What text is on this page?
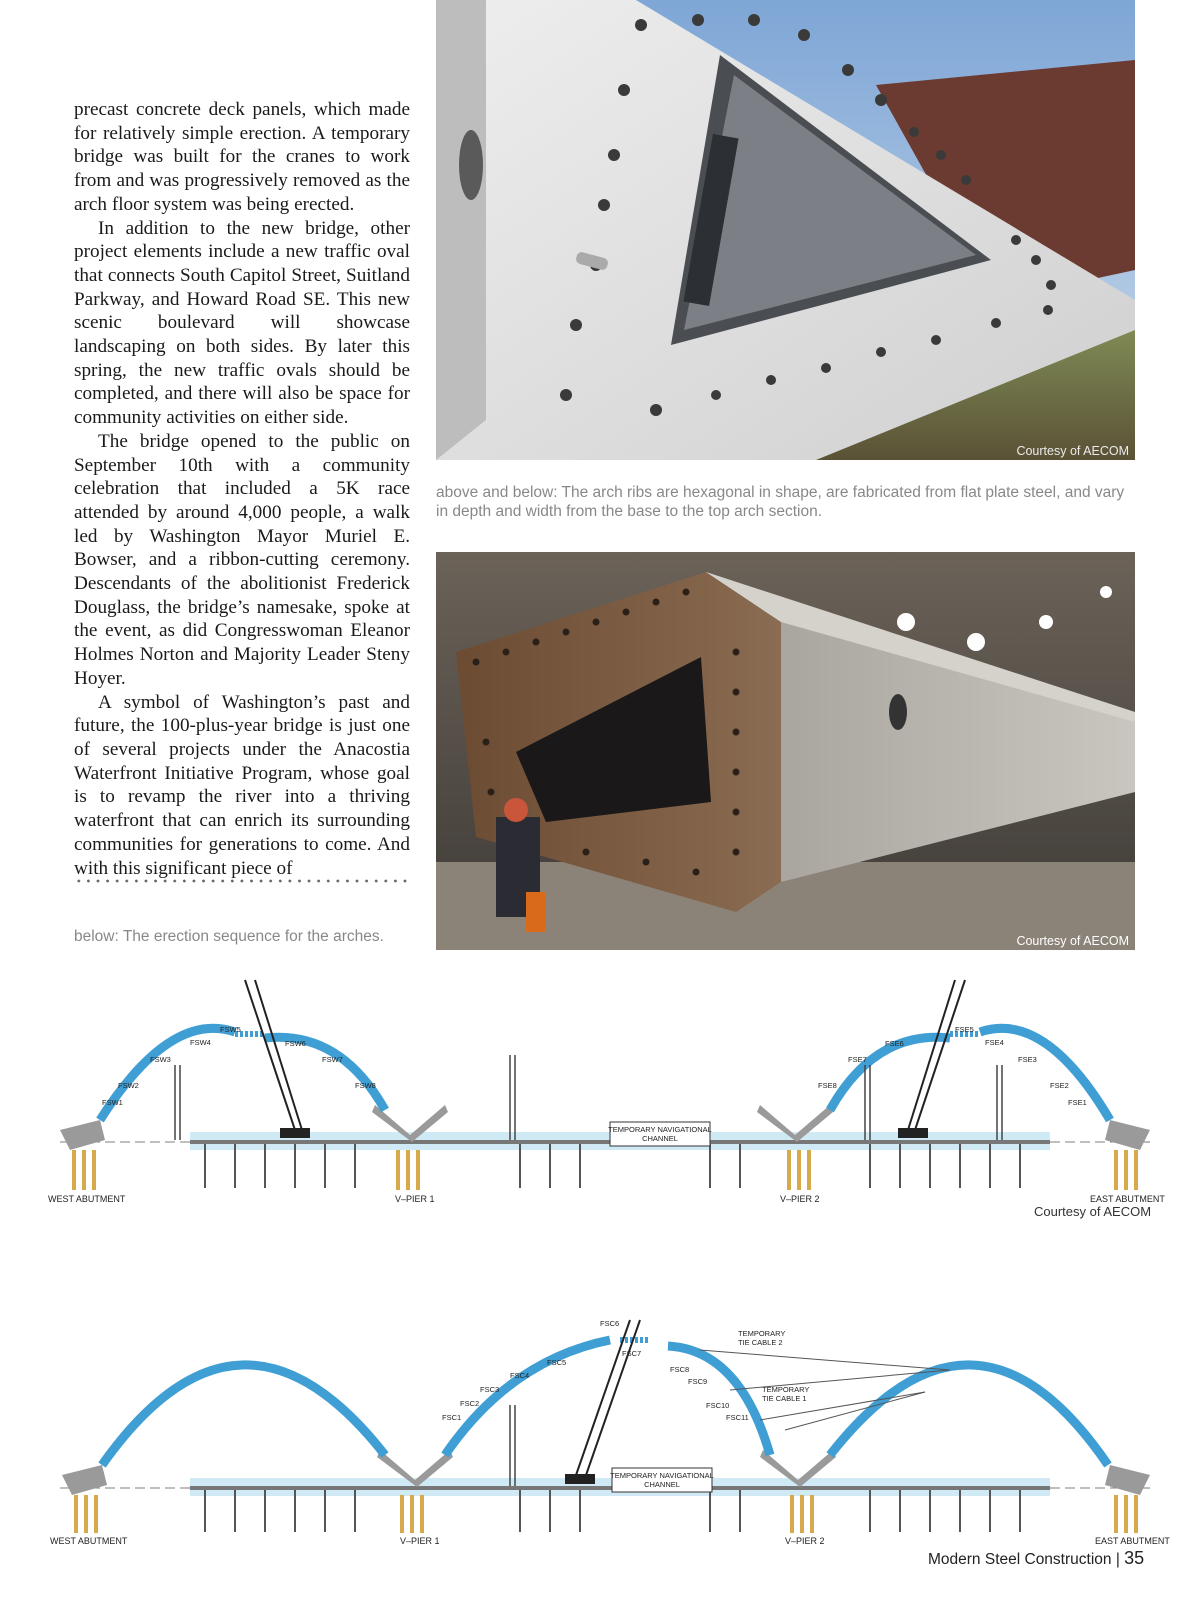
precast concrete deck panels, which made for relatively simple erection. A temporary bridge was built for the cranes to work from and was progressively removed as the arch floor system was being erected.

In addition to the new bridge, other project elements include a new traffic oval that connects South Capitol Street, Suitland Parkway, and Howard Road SE. This new scenic boulevard will showcase landscaping on both sides. By later this spring, the new traffic ovals should be completed, and there will also be space for community activities on either side.

The bridge opened to the public on September 10th with a community celebration that included a 5K race attended by around 4,000 people, a walk led by Washington Mayor Muriel E. Bowser, and a ribbon-cutting ceremony. Descendants of the abolitionist Frederick Douglass, the bridge’s namesake, spoke at the event, as did Congresswoman Eleanor Holmes Norton and Majority Leader Steny Hoyer.

A symbol of Washington’s past and future, the 100-plus-year bridge is just one of several projects under the Anacostia Waterfront Initiative Program, whose goal is to revamp the river into a thriving waterfront that can enrich its surrounding communities for generations to come. And with this significant piece of

below: The erection sequence for the arches.
Courtesy of AECOM
above and below: The arch ribs are hexagonal in shape, are fabricated from flat plate steel, and vary in depth and width from the base to the top arch section.
Courtesy of AECOM
TEMPORARY NAVIGATIONAL
CHANNEL
FSW1
FSW2
FSW3
FSW4
FSW5
FSW6
FSW7
FSW8
FSE1
FSE2
FSE3
FSE4
FSE5
FSE6
FSE7
FSE8
WEST ABUTMENT	V–PIER 1	V–PIER 2	EAST ABUTMENT
Courtesy of AECOM
TEMPORARY NAVIGATIONAL
CHANNEL
TEMPORARY
TIE CABLE 2
TEMPORARY
TIE CABLE 1
FSC1
FSC2
FSC3
FSC4
FSC5
FSC6
FSC7
FSC8
FSC9
FSC10
FSC11
WEST ABUTMENT	V–PIER 1	V–PIER 2	EAST ABUTMENT
Modern Steel Construction | 35
